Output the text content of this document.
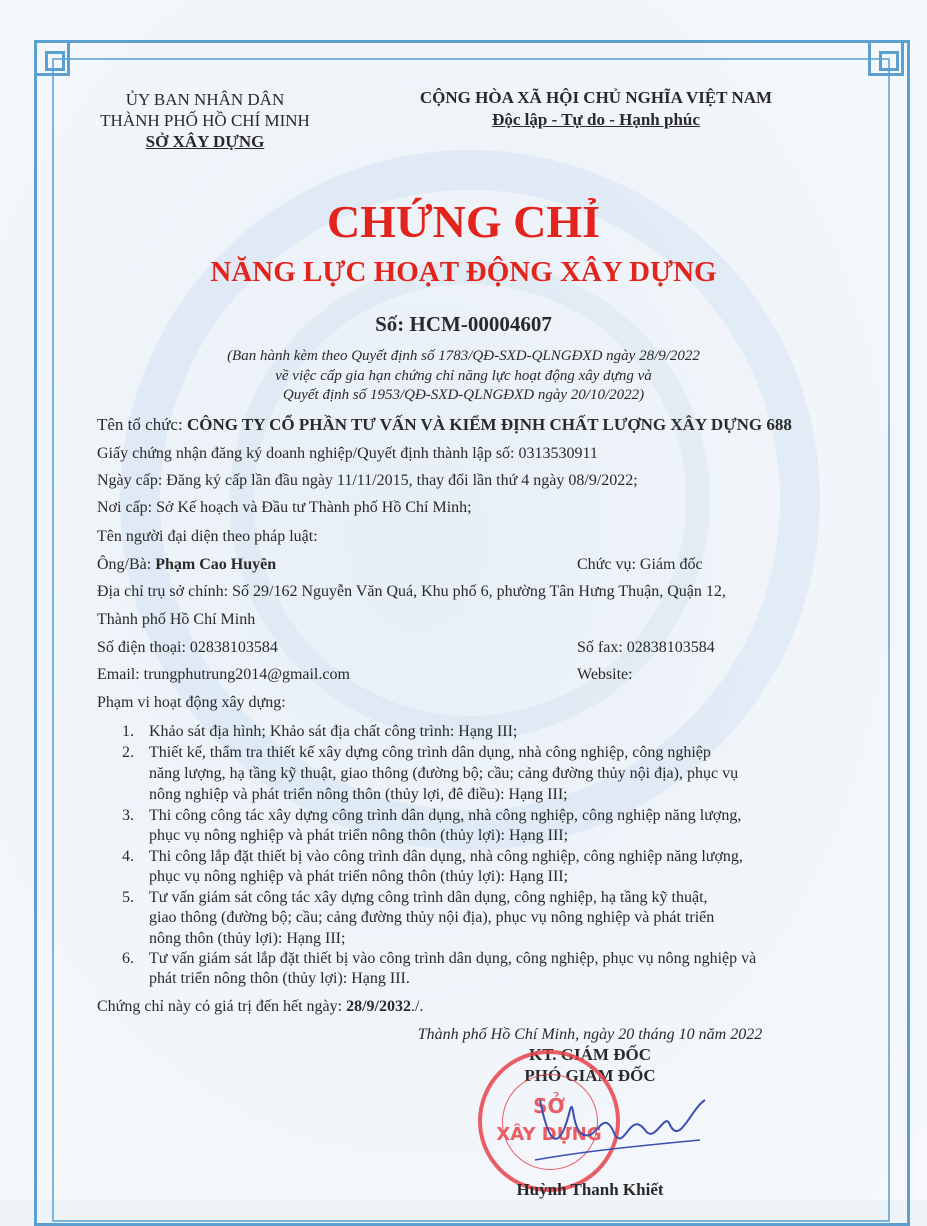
ỦY BAN NHÂN DÂN
THÀNH PHỐ HỒ CHÍ MINH
SỞ XÂY DỰNG
CỘNG HÒA XÃ HỘI CHỦ NGHĨA VIỆT NAM
Độc lập - Tự do - Hạnh phúc
CHỨNG CHỈ
NĂNG LỰC HOẠT ĐỘNG XÂY DỰNG
Số: HCM-00004607
(Ban hành kèm theo Quyết định số 1783/QĐ-SXD-QLNGĐXD ngày 28/9/2022
về việc cấp gia hạn chứng chỉ năng lực hoạt động xây dựng và
Quyết định số 1953/QĐ-SXD-QLNGĐXD ngày 20/10/2022)
Tên tổ chức: CÔNG TY CỔ PHẦN TƯ VẤN VÀ KIỂM ĐỊNH CHẤT LƯỢNG XÂY DỰNG 688
Giấy chứng nhận đăng ký doanh nghiệp/Quyết định thành lập số: 0313530911
Ngày cấp: Đăng ký cấp lần đầu ngày 11/11/2015, thay đổi lần thứ 4 ngày 08/9/2022;
Nơi cấp: Sở Kế hoạch và Đầu tư Thành phố Hồ Chí Minh;
Tên người đại diện theo pháp luật:
Ông/Bà: Phạm Cao Huyên	Chức vụ: Giám đốc
Địa chỉ trụ sở chính: Số 29/162 Nguyễn Văn Quá, Khu phố 6, phường Tân Hưng Thuận, Quận 12,
Thành phố Hồ Chí Minh
Số điện thoại: 02838103584	Số fax: 02838103584
Email: trungphutrung2014@gmail.com	Website:
Phạm vi hoạt động xây dựng:
1. Khảo sát địa hình; Khảo sát địa chất công trình: Hạng III;
2. Thiết kế, thẩm tra thiết kế xây dựng công trình dân dụng, nhà công nghiệp, công nghiệp
năng lượng, hạ tầng kỹ thuật, giao thông (đường bộ; cầu; cảng đường thủy nội địa), phục vụ
nông nghiệp và phát triển nông thôn (thủy lợi, đê điều): Hạng III;
3. Thi công công tác xây dựng công trình dân dụng, nhà công nghiệp, công nghiệp năng lượng,
phục vụ nông nghiệp và phát triển nông thôn (thủy lợi): Hạng III;
4. Thi công lắp đặt thiết bị vào công trình dân dụng, nhà công nghiệp, công nghiệp năng lượng,
phục vụ nông nghiệp và phát triển nông thôn (thủy lợi): Hạng III;
5. Tư vấn giám sát công tác xây dựng công trình dân dụng, công nghiệp, hạ tầng kỹ thuật,
giao thông (đường bộ; cầu; cảng đường thủy nội địa), phục vụ nông nghiệp và phát triển
nông thôn (thủy lợi): Hạng III;
6. Tư vấn giám sát lắp đặt thiết bị vào công trình dân dụng, công nghiệp, phục vụ nông nghiệp và
phát triển nông thôn (thủy lợi): Hạng III.
Chứng chỉ này có giá trị đến hết ngày: 28/9/2032./.
Thành phố Hồ Chí Minh, ngày 20 tháng 10 năm 2022
KT. GIÁM ĐỐC
PHÓ GIÁM ĐỐC
SỞ
XÂY DỰNG
Huỳnh Thanh Khiết
